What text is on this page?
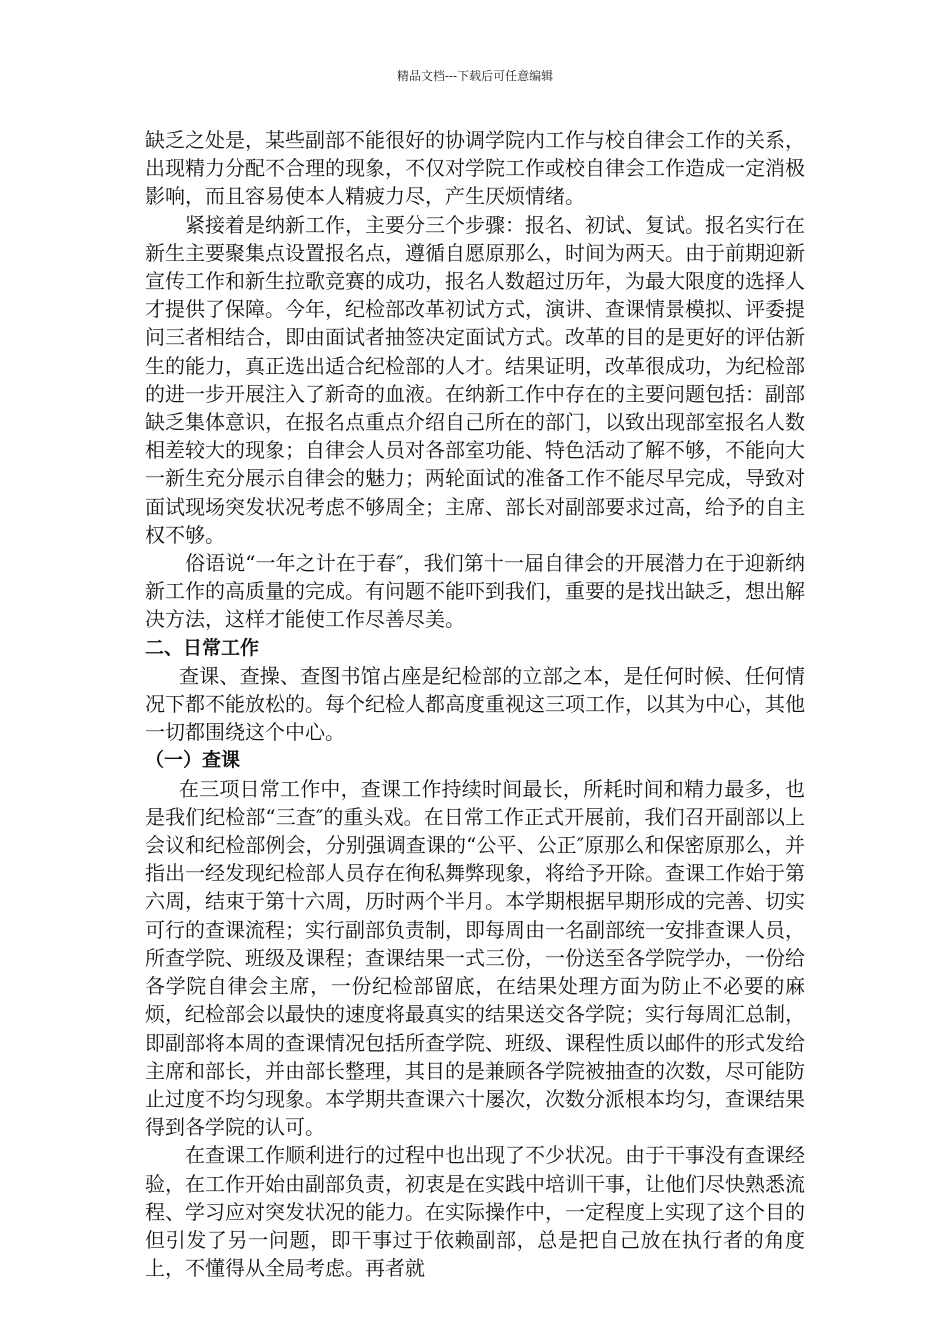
精品文档---下载后可任意编辑

缺乏之处是，某些副部不能很好的协调学院内工作与校自律会工作的关系，出现精力分配不合理的现象，不仅对学院工作或校自律会工作造成一定消极影响，而且容易使本人精疲力尽，产生厌烦情绪。

紧接着是纳新工作，主要分三个步骤：报名、初试、复试。报名实行在新生主要聚集点设置报名点，遵循自愿原那么，时间为两天。由于前期迎新宣传工作和新生拉歌竞赛的成功，报名人数超过历年，为最大限度的选择人才提供了保障。今年，纪检部改革初试方式，演讲、查课情景模拟、评委提问三者相结合，即由面试者抽签决定面试方式。改革的目的是更好的评估新生的能力，真正选出适合纪检部的人才。结果证明，改革很成功，为纪检部的进一步开展注入了新奇的血液。在纳新工作中存在的主要问题包括：副部缺乏集体意识，在报名点重点介绍自己所在的部门，以致出现部室报名人数相差较大的现象；自律会人员对各部室功能、特色活动了解不够，不能向大一新生充分展示自律会的魅力；两轮面试的准备工作不能尽早完成，导致对面试现场突发状况考虑不够周全；主席、部长对副部要求过高，给予的自主权不够。

俗语说“一年之计在于春″，我们第十一届自律会的开展潜力在于迎新纳新工作的高质量的完成。有问题不能吓到我们，重要的是找出缺乏，想出解决方法，这样才能使工作尽善尽美。

二、日常工作

查课、查操、查图书馆占座是纪检部的立部之本，是任何时候、任何情况下都不能放松的。每个纪检人都高度重视这三项工作，以其为中心，其他一切都围绕这个中心。

（一）查课

在三项日常工作中，查课工作持续时间最长，所耗时间和精力最多，也是我们纪检部“三查″的重头戏。在日常工作正式开展前，我们召开副部以上会议和纪检部例会，分别强调查课的“公平、公正″原那么和保密原那么，并指出一经发现纪检部人员存在徇私舞弊现象，将给予开除。查课工作始于第六周，结束于第十六周，历时两个半月。本学期根据早期形成的完善、切实可行的查课流程；实行副部负责制，即每周由一名副部统一安排查课人员，所查学院、班级及课程；查课结果一式三份，一份送至各学院学办，一份给各学院自律会主席，一份纪检部留底，在结果处理方面为防止不必要的麻烦，纪检部会以最快的速度将最真实的结果送交各学院；实行每周汇总制，即副部将本周的查课情况包括所查学院、班级、课程性质以邮件的形式发给主席和部长，并由部长整理，其目的是兼顾各学院被抽查的次数，尽可能防止过度不均匀现象。本学期共查课六十屡次，次数分派根本均匀，查课结果得到各学院的认可。

在查课工作顺利进行的过程中也出现了不少状况。由于干事没有查课经验，在工作开始由副部负责，初衷是在实践中培训干事，让他们尽快熟悉流程、学习应对突发状况的能力。在实际操作中，一定程度上实现了这个目的但引发了另一问题，即干事过于依赖副部，总是把自己放在执行者的角度上，不懂得从全局考虑。再者就
